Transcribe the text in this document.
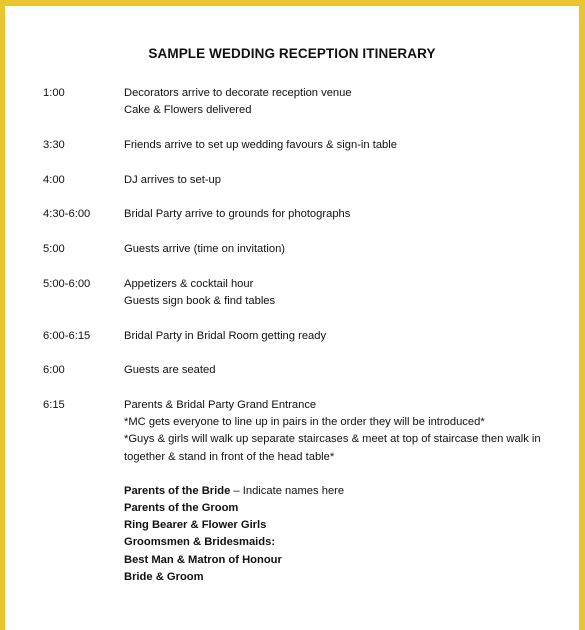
SAMPLE WEDDING RECEPTION ITINERARY
1:00	Decorators arrive to decorate reception venue
Cake & Flowers delivered
3:30	Friends arrive to set up wedding favours & sign-in table
4:00	DJ arrives to set-up
4:30-6:00	Bridal Party arrive to grounds for photographs
5:00	Guests arrive (time on invitation)
5:00-6:00	Appetizers & cocktail hour
Guests sign book & find tables
6:00-6:15	Bridal Party in Bridal Room getting ready
6:00	Guests are seated
6:15	Parents & Bridal Party Grand Entrance
*MC gets everyone to line up in pairs in the order they will be introduced*
*Guys & girls will walk up separate staircases & meet at top of staircase then walk in
together & stand in front of the head table*
Parents of the Bride – Indicate names here
Parents of the Groom
Ring Bearer & Flower Girls
Groomsmen & Bridesmaids:
Best Man & Matron of Honour
Bride & Groom
